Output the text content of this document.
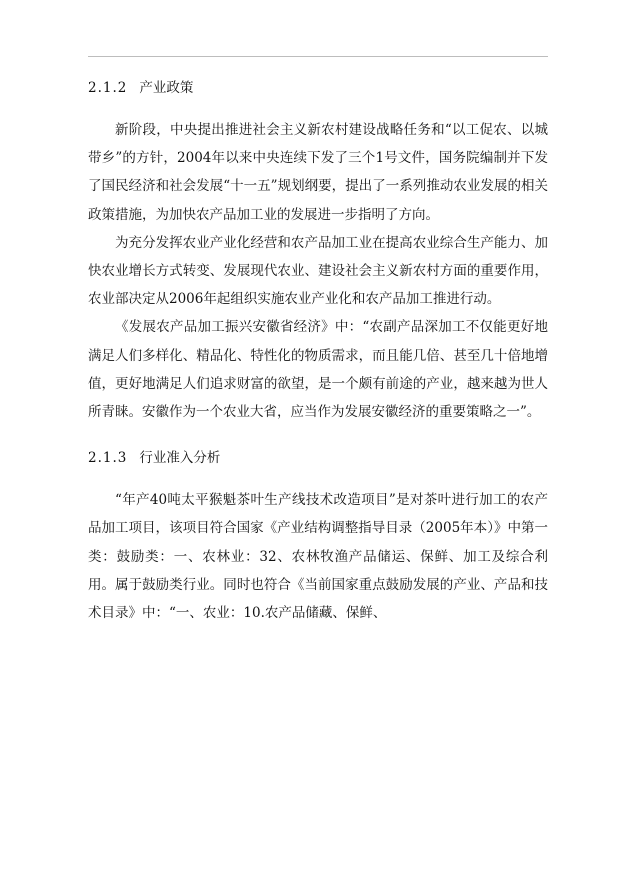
2.1.2 产业政策

新阶段，中央提出推进社会主义新农村建设战略任务和“以工促农、以城带乡”的方针，2004年以来中央连续下发了三个1号文件，国务院编制并下发了国民经济和社会发展“十一五”规划纲要，提出了一系列推动农业发展的相关政策措施，为加快农产品加工业的发展进一步指明了方向。

为充分发挥农业产业化经营和农产品加工业在提高农业综合生产能力、加快农业增长方式转变、发展现代农业、建设社会主义新农村方面的重要作用，农业部决定从2006年起组织实施农业产业化和农产品加工推进行动。

《发展农产品加工振兴安徽省经济》中：“农副产品深加工不仅能更好地满足人们多样化、精品化、特性化的物质需求，而且能几倍、甚至几十倍地增值，更好地满足人们追求财富的欲望，是一个颇有前途的产业，越来越为世人所青睐。安徽作为一个农业大省，应当作为发展安徽经济的重要策略之一”。

2.1.3 行业准入分析

“年产40吨太平猴魁茶叶生产线技术改造项目”是对茶叶进行加工的农产品加工项目，该项目符合国家《产业结构调整指导目录（2005年本）》中第一类：鼓励类：一、农林业：32、农林牧渔产品储运、保鲜、加工及综合利用。属于鼓励类行业。同时也符合《当前国家重点鼓励发展的产业、产品和技术目录》中：“一、农业：10.农产品储藏、保鲜、
